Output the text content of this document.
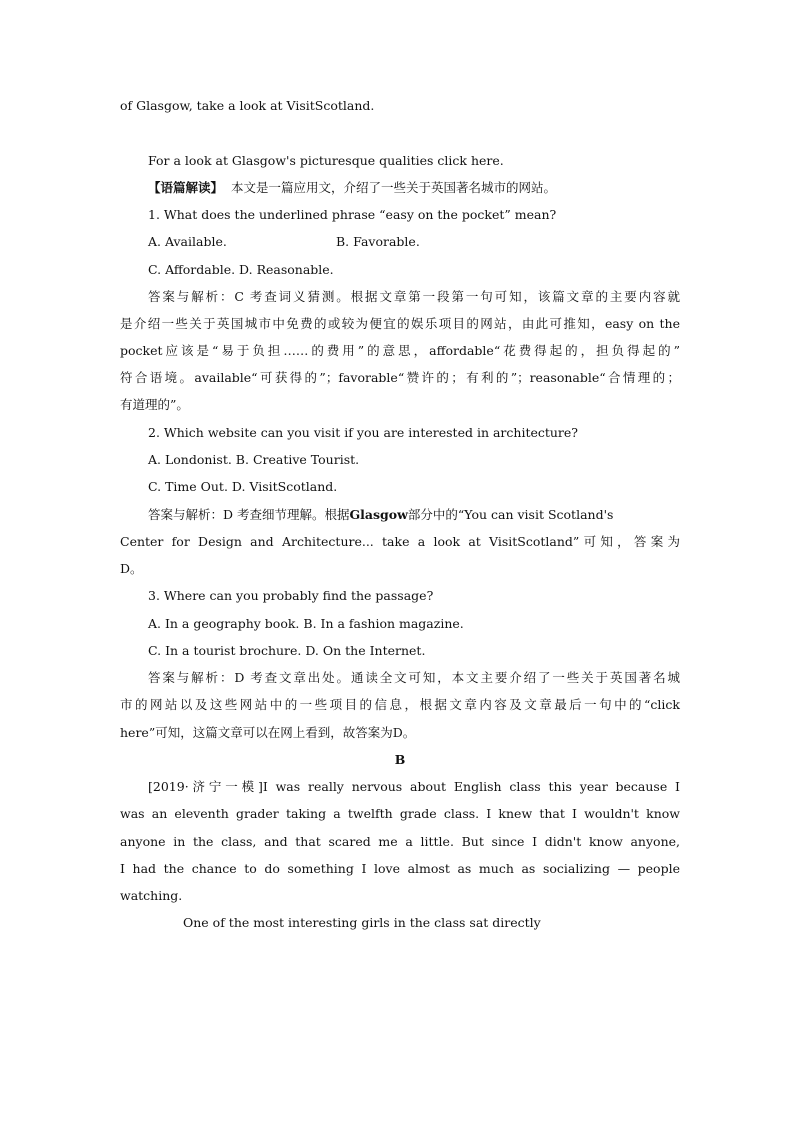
of Glasgow, take a look at VisitScotland.
For a look at Glasgow's picturesque qualities click here.
【语篇解读】 本文是一篇应用文，介绍了一些关于英国著名城市的网站。
1. What does the underlined phrase “easy on the pocket” mean?
A. Available.	B. Favorable.
C. Affordable. D. Reasonable.
答案与解析：C 考查词义猜测。根据文章第一段第一句可知，该篇文章的主要内容就
是介绍一些关于英国城市中免费的或较为便宜的娱乐项目的网站，由此可推知，easy on the
pocket应该是“易于负担……的费用”的意思，affordable“花费得起的，担负得起的”
符合语境。available“可获得的”；favorable“赞许的；有利的”；reasonable“合情理的；
有道理的”。
2. Which website can you visit if you are interested in architecture?
A. Londonist. B. Creative Tourist.
C. Time Out. D. VisitScotland.
答案与解析：D 考查细节理解。根据Glasgow部分中的“You can visit Scotland's
Center for Design and Architecture... take a look at VisitScotland”可知，答案为
D。
3. Where can you probably find the passage?
A. In a geography book. B. In a fashion magazine.
C. In a tourist brochure. D. On the Internet.
答案与解析：D 考查文章出处。通读全文可知，本文主要介绍了一些关于英国著名城
市的网站以及这些网站中的一些项目的信息，根据文章内容及文章最后一句中的“click
here”可知，这篇文章可以在网上看到，故答案为D。
B
[2019·济宁一模]I was really nervous about English class this year because I
was an eleventh grader taking a twelfth grade class. I knew that I wouldn't know
anyone in the class, and that scared me a little. But since I didn't know anyone,
I had the chance to do something I love almost as much as socializing — people
watching.
One of the most interesting girls in the class sat directly
